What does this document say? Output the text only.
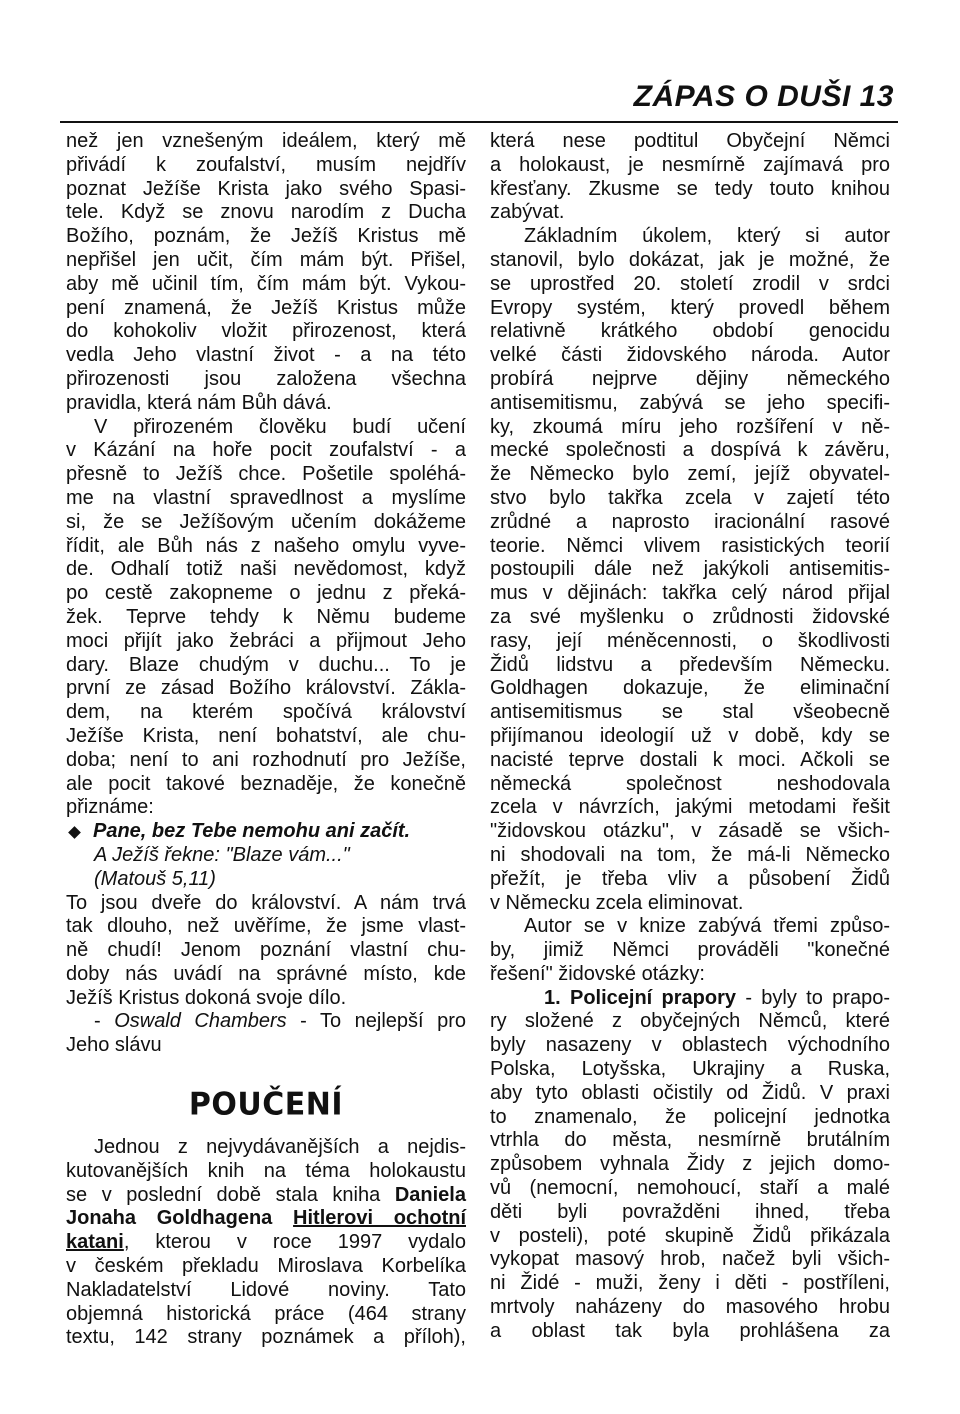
ZÁPAS O DUŠI 13
než jen vznešeným ideálem, který mě
přivádí k zoufalství, musím nejdřív
poznat Ježíše Krista jako svého Spasi-
tele. Když se znovu narodím z Ducha
Božího, poznám, že Ježíš Kristus mě
nepřišel jen učit, čím mám být. Přišel,
aby mě učinil tím, čím mám být. Vykou-
pení znamená, že Ježíš Kristus může
do kohokoliv vložit přirozenost, která
vedla Jeho vlastní život - a na této
přirozenosti jsou založena všechna
pravidla, která nám Bůh dává.
V přirozeném člověku budí učení
v Kázání na hoře pocit zoufalství - a
přesně to Ježíš chce. Pošetile spoléhá-
me na vlastní spravedlnost a myslíme
si, že se Ježíšovým učením dokážeme
řídit, ale Bůh nás z našeho omylu vyve-
de. Odhalí totiž naši nevědomost, když
po cestě zakopneme o jednu z překá-
žek. Teprve tehdy k Němu budeme
moci přijít jako žebráci a přijmout Jeho
dary. Blaze chudým v duchu... To je
první ze zásad Božího království. Zákla-
dem, na kterém spočívá království
Ježíše Krista, není bohatství, ale chu-
doba; není to ani rozhodnutí pro Ježíše,
ale pocit takové beznaděje, že konečně
přiznáme:
Pane, bez Tebe nemohu ani začít.
A Ježíš řekne: "Blaze vám..."
(Matouš 5,11)
To jsou dveře do království. A nám trvá
tak dlouho, než uvěříme, že jsme vlast-
ně chudí! Jenom poznání vlastní chu-
doby nás uvádí na správné místo, kde
Ježíš Kristus dokoná svoje dílo.
- Oswald Chambers - To nejlepší pro
Jeho slávu
POUČENÍ
Jednou z nejvydávanějších a nejdis-
kutovanějších knih na téma holokaustu
se v poslední době stala kniha Daniela
Jonaha Goldhagena Hitlerovi ochotní
katani, kterou v roce 1997 vydalo
v českém překladu Miroslava Korbelíka
Nakladatelství Lidové noviny. Tato
objemná historická práce (464 strany
textu, 142 strany poznámek a příloh),
která nese podtitul Obyčejní Němci
a holokaust, je nesmírně zajímavá pro
křesťany. Zkusme se tedy touto knihou
zabývat.
Základním úkolem, který si autor
stanovil, bylo dokázat, jak je možné, že
se uprostřed 20. století zrodil v srdci
Evropy systém, který provedl během
relativně krátkého období genocidu
velké části židovského národa. Autor
probírá nejprve dějiny německého
antisemitismu, zabývá se jeho specifi-
ky, zkoumá míru jeho rozšíření v ně-
mecké společnosti a dospívá k závěru,
že Německo bylo zemí, jejíž obyvatel-
stvo bylo takřka zcela v zajetí této
zrůdné a naprosto iracionální rasové
teorie. Němci vlivem rasistických teorií
postoupili dále než jakýkoli antisemitis-
mus v dějinách: takřka celý národ přijal
za své myšlenku o zrůdnosti židovské
rasy, její méněcennosti, o škodlivosti
Židů lidstvu a především Německu.
Goldhagen dokazuje, že eliminační
antisemitismus se stal všeobecně
přijímanou ideologií už v době, kdy se
nacisté teprve dostali k moci. Ačkoli se
německá společnost neshodovala
zcela v návrzích, jakými metodami řešit
"židovskou otázku", v zásadě se všich-
ni shodovali na tom, že má-li Německo
přežít, je třeba vliv a působení Židů
v Německu zcela eliminovat.
Autor se v knize zabývá třemi způso-
by, jimiž Němci prováděli "konečné
řešení" židovské otázky:
1. Policejní prapory - byly to prapo-
ry složené z obyčejných Němců, které
byly nasazeny v oblastech východního
Polska, Lotyšska, Ukrajiny a Ruska,
aby tyto oblasti očistily od Židů. V praxi
to znamenalo, že policejní jednotka
vtrhla do města, nesmírně brutálním
způsobem vyhnala Židy z jejich domo-
vů (nemocní, nemohoucí, staří a malé
děti byli povražděni ihned, třeba
v posteli), poté skupině Židů přikázala
vykopat masový hrob, načež byli všich-
ni Židé - muži, ženy i děti - postříleni,
mrtvoly naházeny do masového hrobu
a oblast tak byla prohlášena za
